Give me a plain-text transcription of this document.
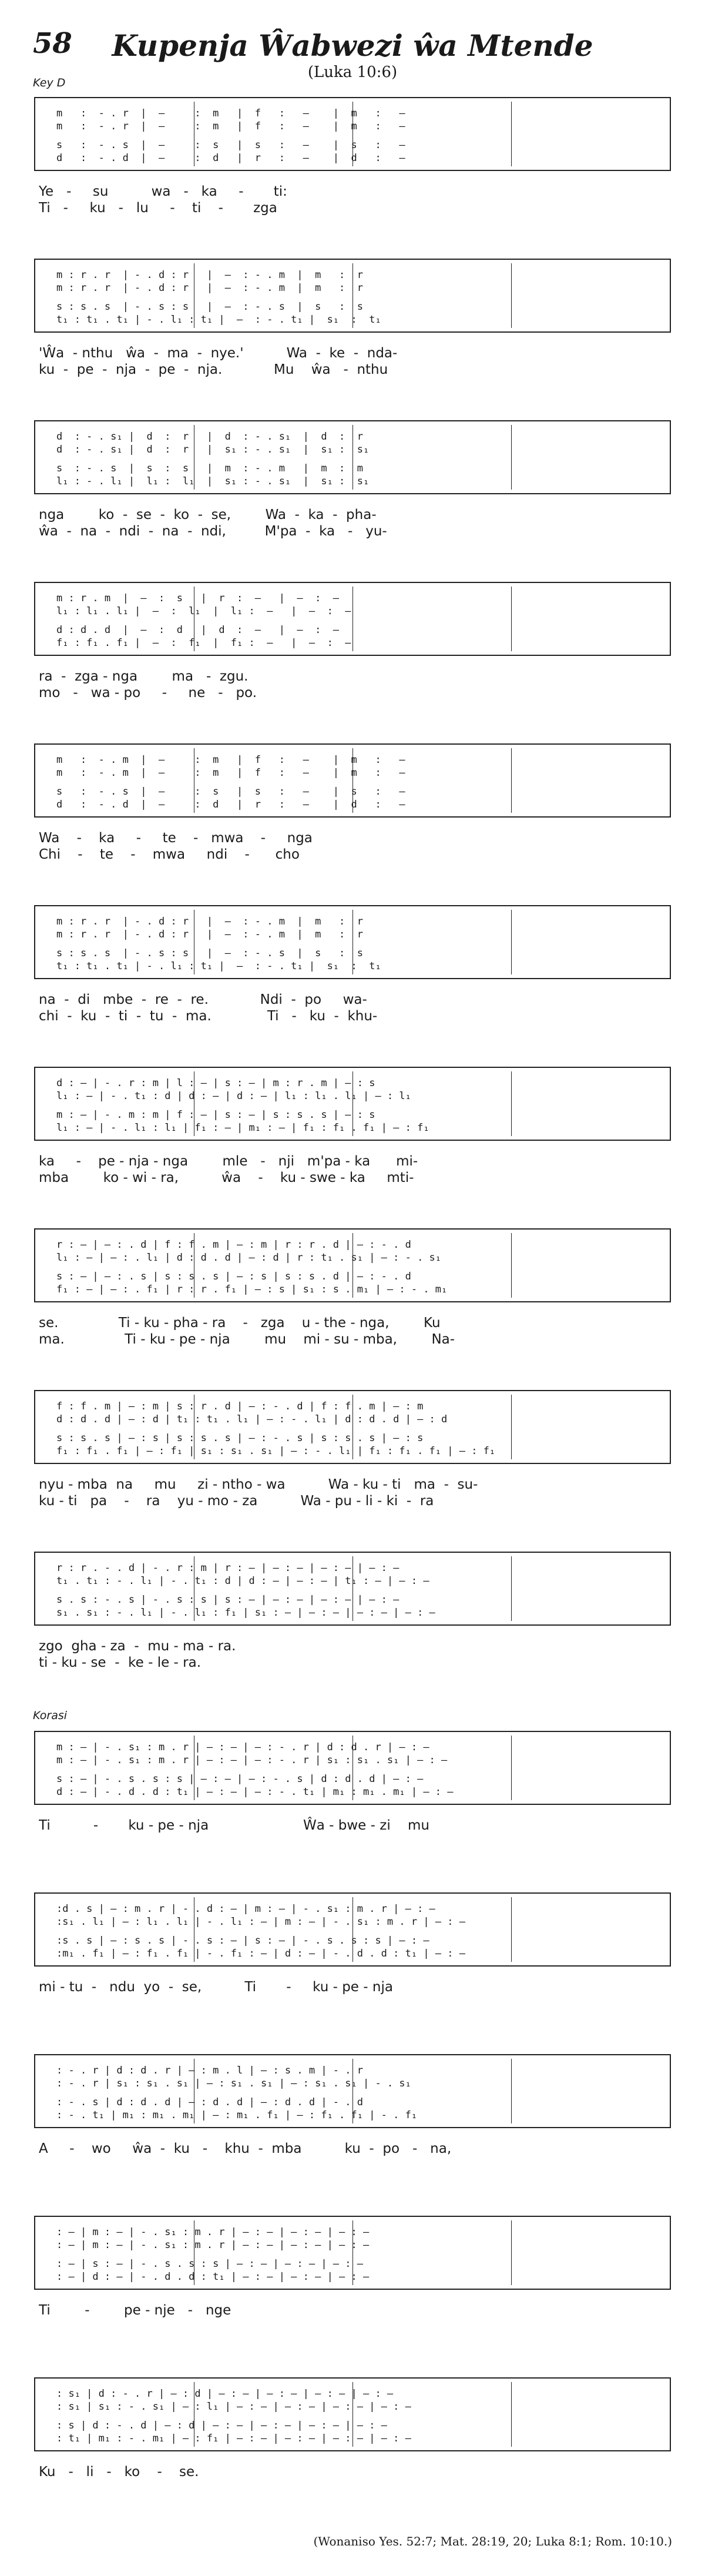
58	Kupenja Ŵabwezi ŵa Mtende
(Luka 10:6)
Key D
Korasi
m   :  - . r  |  —     :  m   |  f   :   —    |  m   :   —
m   :  - . r  |  —     :  m   |  f   :   —    |  m   :   —
s   :  - . s  |  —     :  s   |  s   :   —    |  s   :   —
d   :  - . d  |  —     :  d   |  r   :   —    |  d   :   —
Ye   -     su          wa   -   ka     -       ti:
Ti   -     ku   -   lu     -    ti    -       zga
m : r . r  | - . d : r   |  —  : - . m  |  m   :  r
m : r . r  | - . d : r   |  —  : - . m  |  m   :  r
s : s . s  | - . s : s   |  —  : - . s  |  s   :  s
t₁ : t₁ . t₁ | - . l₁ : t₁ |  —  : - . t₁ |  s₁  :  t₁
'Ŵa  - nthu   ŵa  -  ma  -  nye.'          Wa  -  ke  -  nda-
ku  -  pe  -  nja  -  pe  -  nja.            Mu    ŵa   -  nthu
d  : - . s₁ |  d  :  r   |  d  : - . s₁  |  d  :  r
d  : - . s₁ |  d  :  r   |  s₁ : - . s₁  |  s₁ :  s₁
s  : - . s  |  s  :  s   |  m  : - . m   |  m  :  m
l₁ : - . l₁ |  l₁ :  l₁  |  s₁ : - . s₁  |  s₁ :  s₁
nga        ko  -  se  -  ko  -  se,        Wa  -  ka  -  pha-
ŵa  -  na  -  ndi  -  na  -  ndi,         M'pa  -  ka   -   yu-
m : r . m  |  —  :  s   |  r  :  —   |  —  :  —
l₁ : l₁ . l₁ |  —  :  l₁  |  l₁ :  —   |  —  :  —
d : d . d  |  —  :  d   |  d  :  —   |  —  :  —
f₁ : f₁ . f₁ |  —  :  f₁  |  f₁ :  —   |  —  :  —
ra  -  zga - nga        ma   -  zgu.
mo   -   wa - po     -     ne   -   po.
m   :  - . m  |  —     :  m   |  f   :   —    |  m   :   —
m   :  - . m  |  —     :  m   |  f   :   —    |  m   :   —
s   :  - . s  |  —     :  s   |  s   :   —    |  s   :   —
d   :  - . d  |  —     :  d   |  r   :   —    |  d   :   —
Wa    -    ka     -     te    -   mwa    -     nga
Chi    -    te    -    mwa     ndi    -      cho
m : r . r  | - . d : r   |  —  : - . m  |  m   :  r
m : r . r  | - . d : r   |  —  : - . m  |  m   :  r
s : s . s  | - . s : s   |  —  : - . s  |  s   :  s
t₁ : t₁ . t₁ | - . l₁ : t₁ |  —  : - . t₁ |  s₁  :  t₁
na  -  di   mbe  -  re  -  re.            Ndi  -  po     wa-
chi  -  ku  -  ti  -  tu  -  ma.             Ti   -   ku  -  khu-
d : — | - . r : m | l : — | s : — | m : r . m | — : s
l₁ : — | - . t₁ : d | d : — | d : — | l₁ : l₁ . l₁ | — : l₁
m : — | - . m : m | f : — | s : — | s : s . s | — : s
l₁ : — | - . l₁ : l₁ | f₁ : — | m₁ : — | f₁ : f₁ . f₁ | — : f₁
ka     -    pe - nja - nga        mle   -   nji   m'pa - ka      mi-
mba        ko - wi - ra,          ŵa    -    ku - swe - ka     mti-
r : — | — : . d | f : f . m | — : m | r : r . d | — : - . d
l₁ : — | — : . l₁ | d : d . d | — : d | r : t₁ . s₁ | — : - . s₁
s : — | — : . s | s : s . s | — : s | s : s . d | — : - . d
f₁ : — | — : . f₁ | r : r . f₁ | — : s | s₁ : s . m₁ | — : - . m₁
se.              Ti - ku - pha - ra    -   zga    u - the - nga,        Ku
ma.              Ti - ku - pe - nja        mu    mi - su - mba,        Na-
f : f . m | — : m | s : r . d | — : - . d | f : f . m | — : m
d : d . d | — : d | t₁ : t₁ . l₁ | — : - . l₁ | d : d . d | — : d
s : s . s | — : s | s : s . s | — : - . s | s : s . s | — : s
f₁ : f₁ . f₁ | — : f₁ | s₁ : s₁ . s₁ | — : - . l₁ | f₁ : f₁ . f₁ | — : f₁
nyu - mba  na     mu     zi - ntho - wa          Wa - ku - ti   ma  -  su-
ku - ti   pa    -    ra    yu - mo - za          Wa - pu - li - ki  -  ra
r : r . - . d | - . r : m | r : — | — : — | — : — | — : —
t₁ . t₁ : - . l₁ | - . t₁ : d | d : — | — : — | t₁ : — | — : —
s . s : - . s | - . s : s | s : — | — : — | — : — | — : —
s₁ . s₁ : - . l₁ | - . l₁ : f₁ | s₁ : — | — : — | — : — | — : —
zgo  gha - za  -  mu - ma - ra.
ti - ku - se  -  ke - le - ra.
m : — | - . s₁ : m . r | — : — | — : - . r | d : d . r | — : —
m : — | - . s₁ : m . r | — : — | — : - . r | s₁ : s₁ . s₁ | — : —
s : — | - . s . s : s | — : — | — : - . s | d : d . d | — : —
d : — | - . d . d : t₁ | — : — | — : - . t₁ | m₁ : m₁ . m₁ | — : —
Ti          -       ku - pe - nja                      Ŵa - bwe - zi    mu
:d . s | — : m . r | - . d : — | m : — | - . s₁ : m . r | — : —
:s₁ . l₁ | — : l₁ . l₁ | - . l₁ : — | m : — | - . s₁ : m . r | — : —
:s . s | — : s . s | - . s : — | s : — | - . s . s : s | — : —
:m₁ . f₁ | — : f₁ . f₁ | - . f₁ : — | d : — | - . d . d : t₁ | — : —
mi - tu  -   ndu  yo  -  se,          Ti       -     ku - pe - nja
: - . r | d : d . r | — : m . l | — : s . m | - . r
: - . r | s₁ : s₁ . s₁ | — : s₁ . s₁ | — : s₁ . s₁ | - . s₁
: - . s | d : d . d | — : d . d | — : d . d | - . d
: - . t₁ | m₁ : m₁ . m₁ | — : m₁ . f₁ | — : f₁ . f₁ | - . f₁
A     -    wo     ŵa  -  ku   -    khu  -  mba          ku  -  po   -   na,
: — | m : — | - . s₁ : m . r | — : — | — : — | — : —
: — | m : — | - . s₁ : m . r | — : — | — : — | — : —
: — | s : — | - . s . s : s | — : — | — : — | — : —
: — | d : — | - . d . d : t₁ | — : — | — : — | — : —
Ti        -        pe - nje   -   nge
: s₁ | d : - . r | — : d | — : — | — : — | — : — | — : —
: s₁ | s₁ : - . s₁ | — : l₁ | — : — | — : — | — : — | — : —
: s | d : - . d | — : d | — : — | — : — | — : — | — : —
: t₁ | m₁ : - . m₁ | — : f₁ | — : — | — : — | — : — | — : —
Ku   -   li   -   ko    -    se.
(Wonaniso Yes. 52:7; Mat. 28:19, 20; Luka 8:1; Rom. 10:10.)
